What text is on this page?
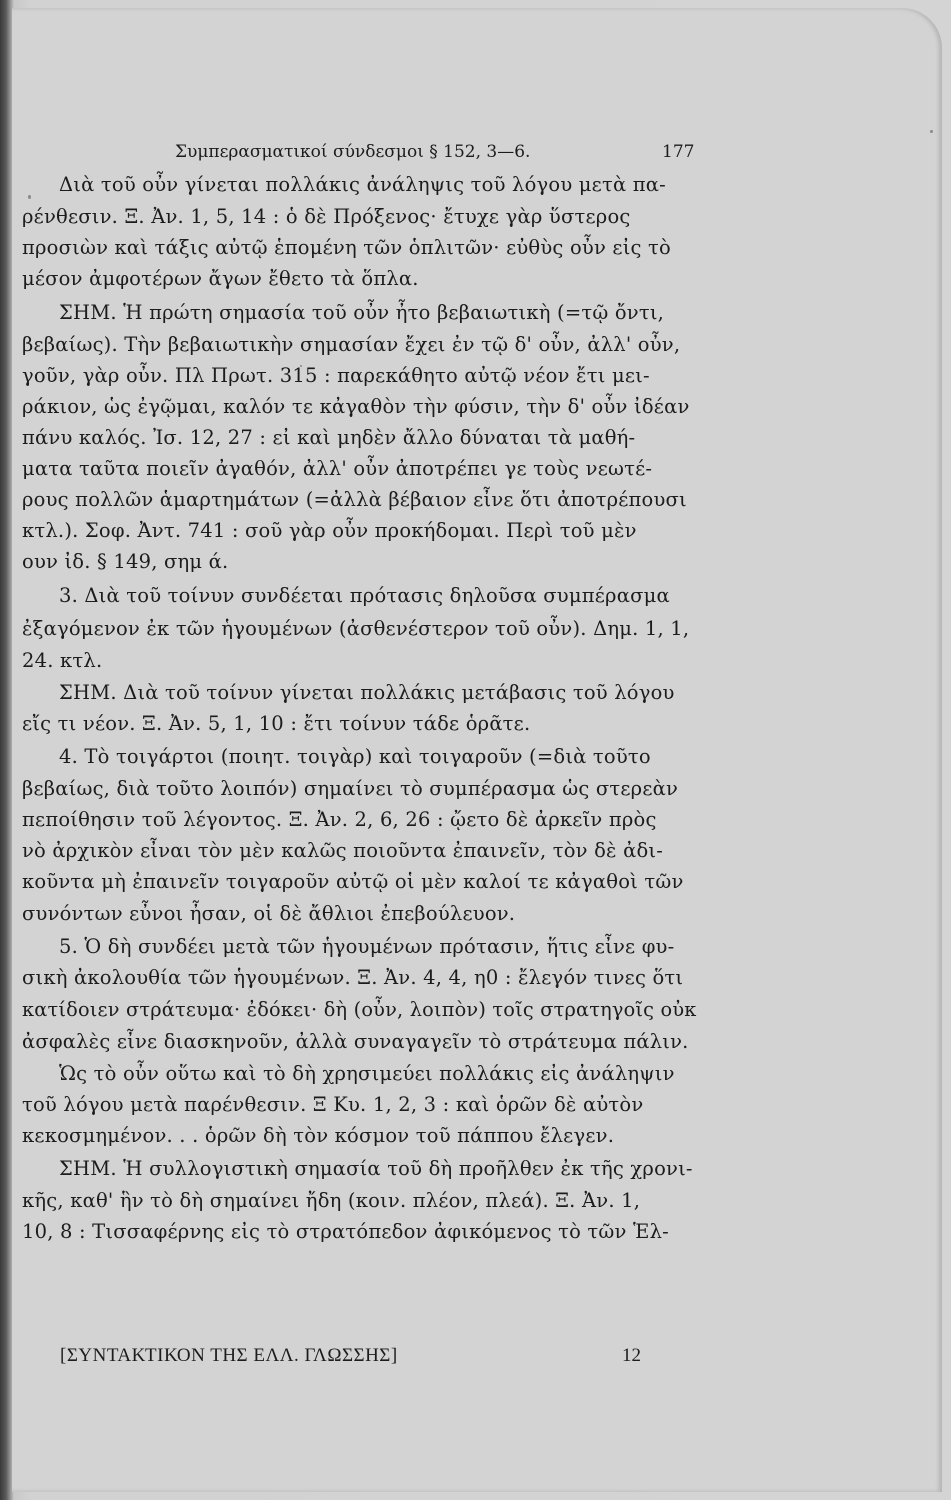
Συμπερασματικοί σύνδεσμοι § 152, 3—6.	177
Διὰ τοῦ οὖν γίνεται πολλάκις ἀνάληψις τοῦ λόγου μετὰ πα-
ρένθεσιν. Ξ. Ἀν. 1, 5, 14 : ὁ δὲ Πρόξενος· ἔτυχε γὰρ ὕστερος
προσιὼν καὶ τάξις αὐτῷ ἑπομένη τῶν ὁπλιτῶν· εὐθὺς οὖν εἰς τὸ
μέσον ἀμφοτέρων ἄγων ἔθετο τὰ ὅπλα.
ΣΗΜ. Ἡ πρώτη σημασία τοῦ οὖν ἦτο βεβαιωτικὴ (=τῷ ὄντι,
βεβαίως). Τὴν βεβαιωτικὴν σημασίαν ἔχει ἐν τῷ δ' οὖν, ἀλλ' οὖν,
γοῦν, γὰρ οὖν. Πλ Πρωτ. 315 : παρεκάθητο αὐτῷ νέον ἔτι μει-
ράκιον, ὡς ἐγῷμαι, καλόν τε κἀγαθὸν τὴν φύσιν, τὴν δ' οὖν ἰδέαν
πάνυ καλός. Ἰσ. 12, 27 : εἰ καὶ μηδὲν ἄλλο δύναται τὰ μαθή-
ματα ταῦτα ποιεῖν ἀγαθόν, ἀλλ' οὖν ἀποτρέπει γε τοὺς νεωτέ-
ρους πολλῶν ἁμαρτημάτων (=ἀλλὰ βέβαιον εἶνε ὅτι ἀποτρέπουσι
κτλ.). Σοφ. Ἀντ. 741 : σοῦ γὰρ οὖν προκήδομαι. Περὶ τοῦ μὲν
ουν ἰδ. § 149, σημ ά.
3. Διὰ τοῦ τοίνυν συνδέεται πρότασις δηλοῦσα συμπέρασμα
ἐξαγόμενον ἐκ τῶν ἡγουμένων (ἀσθενέστερον τοῦ οὖν). Δημ. 1, 1,
24. κτλ.
ΣΗΜ. Διὰ τοῦ τοίνυν γίνεται πολλάκις μετάβασις τοῦ λόγου
εἴς τι νέον. Ξ. Ἀν. 5, 1, 10 : ἔτι τοίνυν τάδε ὁρᾶτε.
4. Τὸ τοιγάρτοι (ποιητ. τοιγὰρ) καὶ τοιγαροῦν (=διὰ τοῦτο
βεβαίως, διὰ τοῦτο λοιπόν) σημαίνει τὸ συμπέρασμα ὡς στερεὰν
πεποίθησιν τοῦ λέγοντος. Ξ. Ἀν. 2, 6, 26 : ᾤετο δὲ ἀρκεῖν πρὸς
νὸ ἀρχικὸν εἶναι τὸν μὲν καλῶς ποιοῦντα ἐπαινεῖν, τὸν δὲ ἀδι-
κοῦντα μὴ ἐπαινεῖν τοιγαροῦν αὐτῷ οἱ μὲν καλοί τε κἀγαθοὶ τῶν
συνόντων εὖνοι ἦσαν, οἱ δὲ ἄθλιοι ἐπεβούλευον.
5. Ὁ δὴ συνδέει μετὰ τῶν ἡγουμένων πρότασιν, ἥτις εἶνε φυ-
σικὴ ἀκολουθία τῶν ἡγουμένων. Ξ. Ἀν. 4, 4, η0 : ἔλεγόν τινες ὅτι
κατίδοιεν στράτευμα· ἐδόκει· δὴ (οὖν, λοιπὸν) τοῖς στρατηγοῖς οὐκ
ἀσφαλὲς εἶνε διασκηνοῦν, ἀλλὰ συναγαγεῖν τὸ στράτευμα πάλιν.
Ὡς τὸ οὖν οὕτω καὶ τὸ δὴ χρησιμεύει πολλάκις εἰς ἀνάληψιν
τοῦ λόγου μετὰ παρένθεσιν. Ξ Κυ. 1, 2, 3 : καὶ ὁρῶν δὲ αὐτὸν
κεκοσμημένον. . . ὁρῶν δὴ τὸν κόσμον τοῦ πάππου ἔλεγεν.
ΣΗΜ. Ἡ συλλογιστικὴ σημασία τοῦ δὴ προῆλθεν ἐκ τῆς χρονι-
κῆς, καθ' ἣν τὸ δὴ σημαίνει ἤδη (κοιν. πλέον, πλεά). Ξ. Ἀν. 1,
10, 8 : Τισσαφέρνης εἰς τὸ στρατόπεδον ἀφικόμενος τὸ τῶν Ἑλ-
[ΣΥΝΤΑΚΤΙΚΟΝ ΤΗΣ ΕΛΛ. ΓΛΩΣΣΗΣ]	12
